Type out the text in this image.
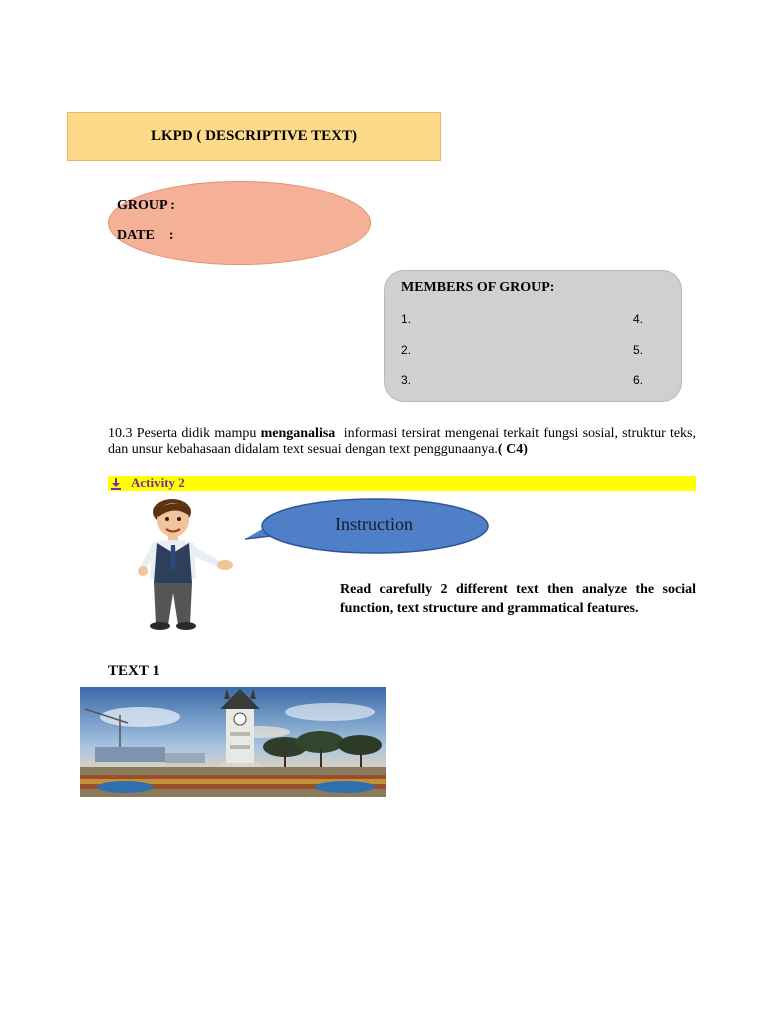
LKPD ( DESCRIPTIVE TEXT)
GROUP :
DATE    :
MEMBERS OF GROUP:
1.
2.
3.
4.
5.
6.
10.3 Peserta didik mampu menganalisa  informasi tersirat mengenai terkait fungsi sosial, struktur teks, dan unsur kebahasaan didalam text sesuai dengan text penggunaanya.( C4)
Activity 2
Instruction
Read carefully 2 different text then analyze the social function, text structure and grammatical features.
TEXT 1
